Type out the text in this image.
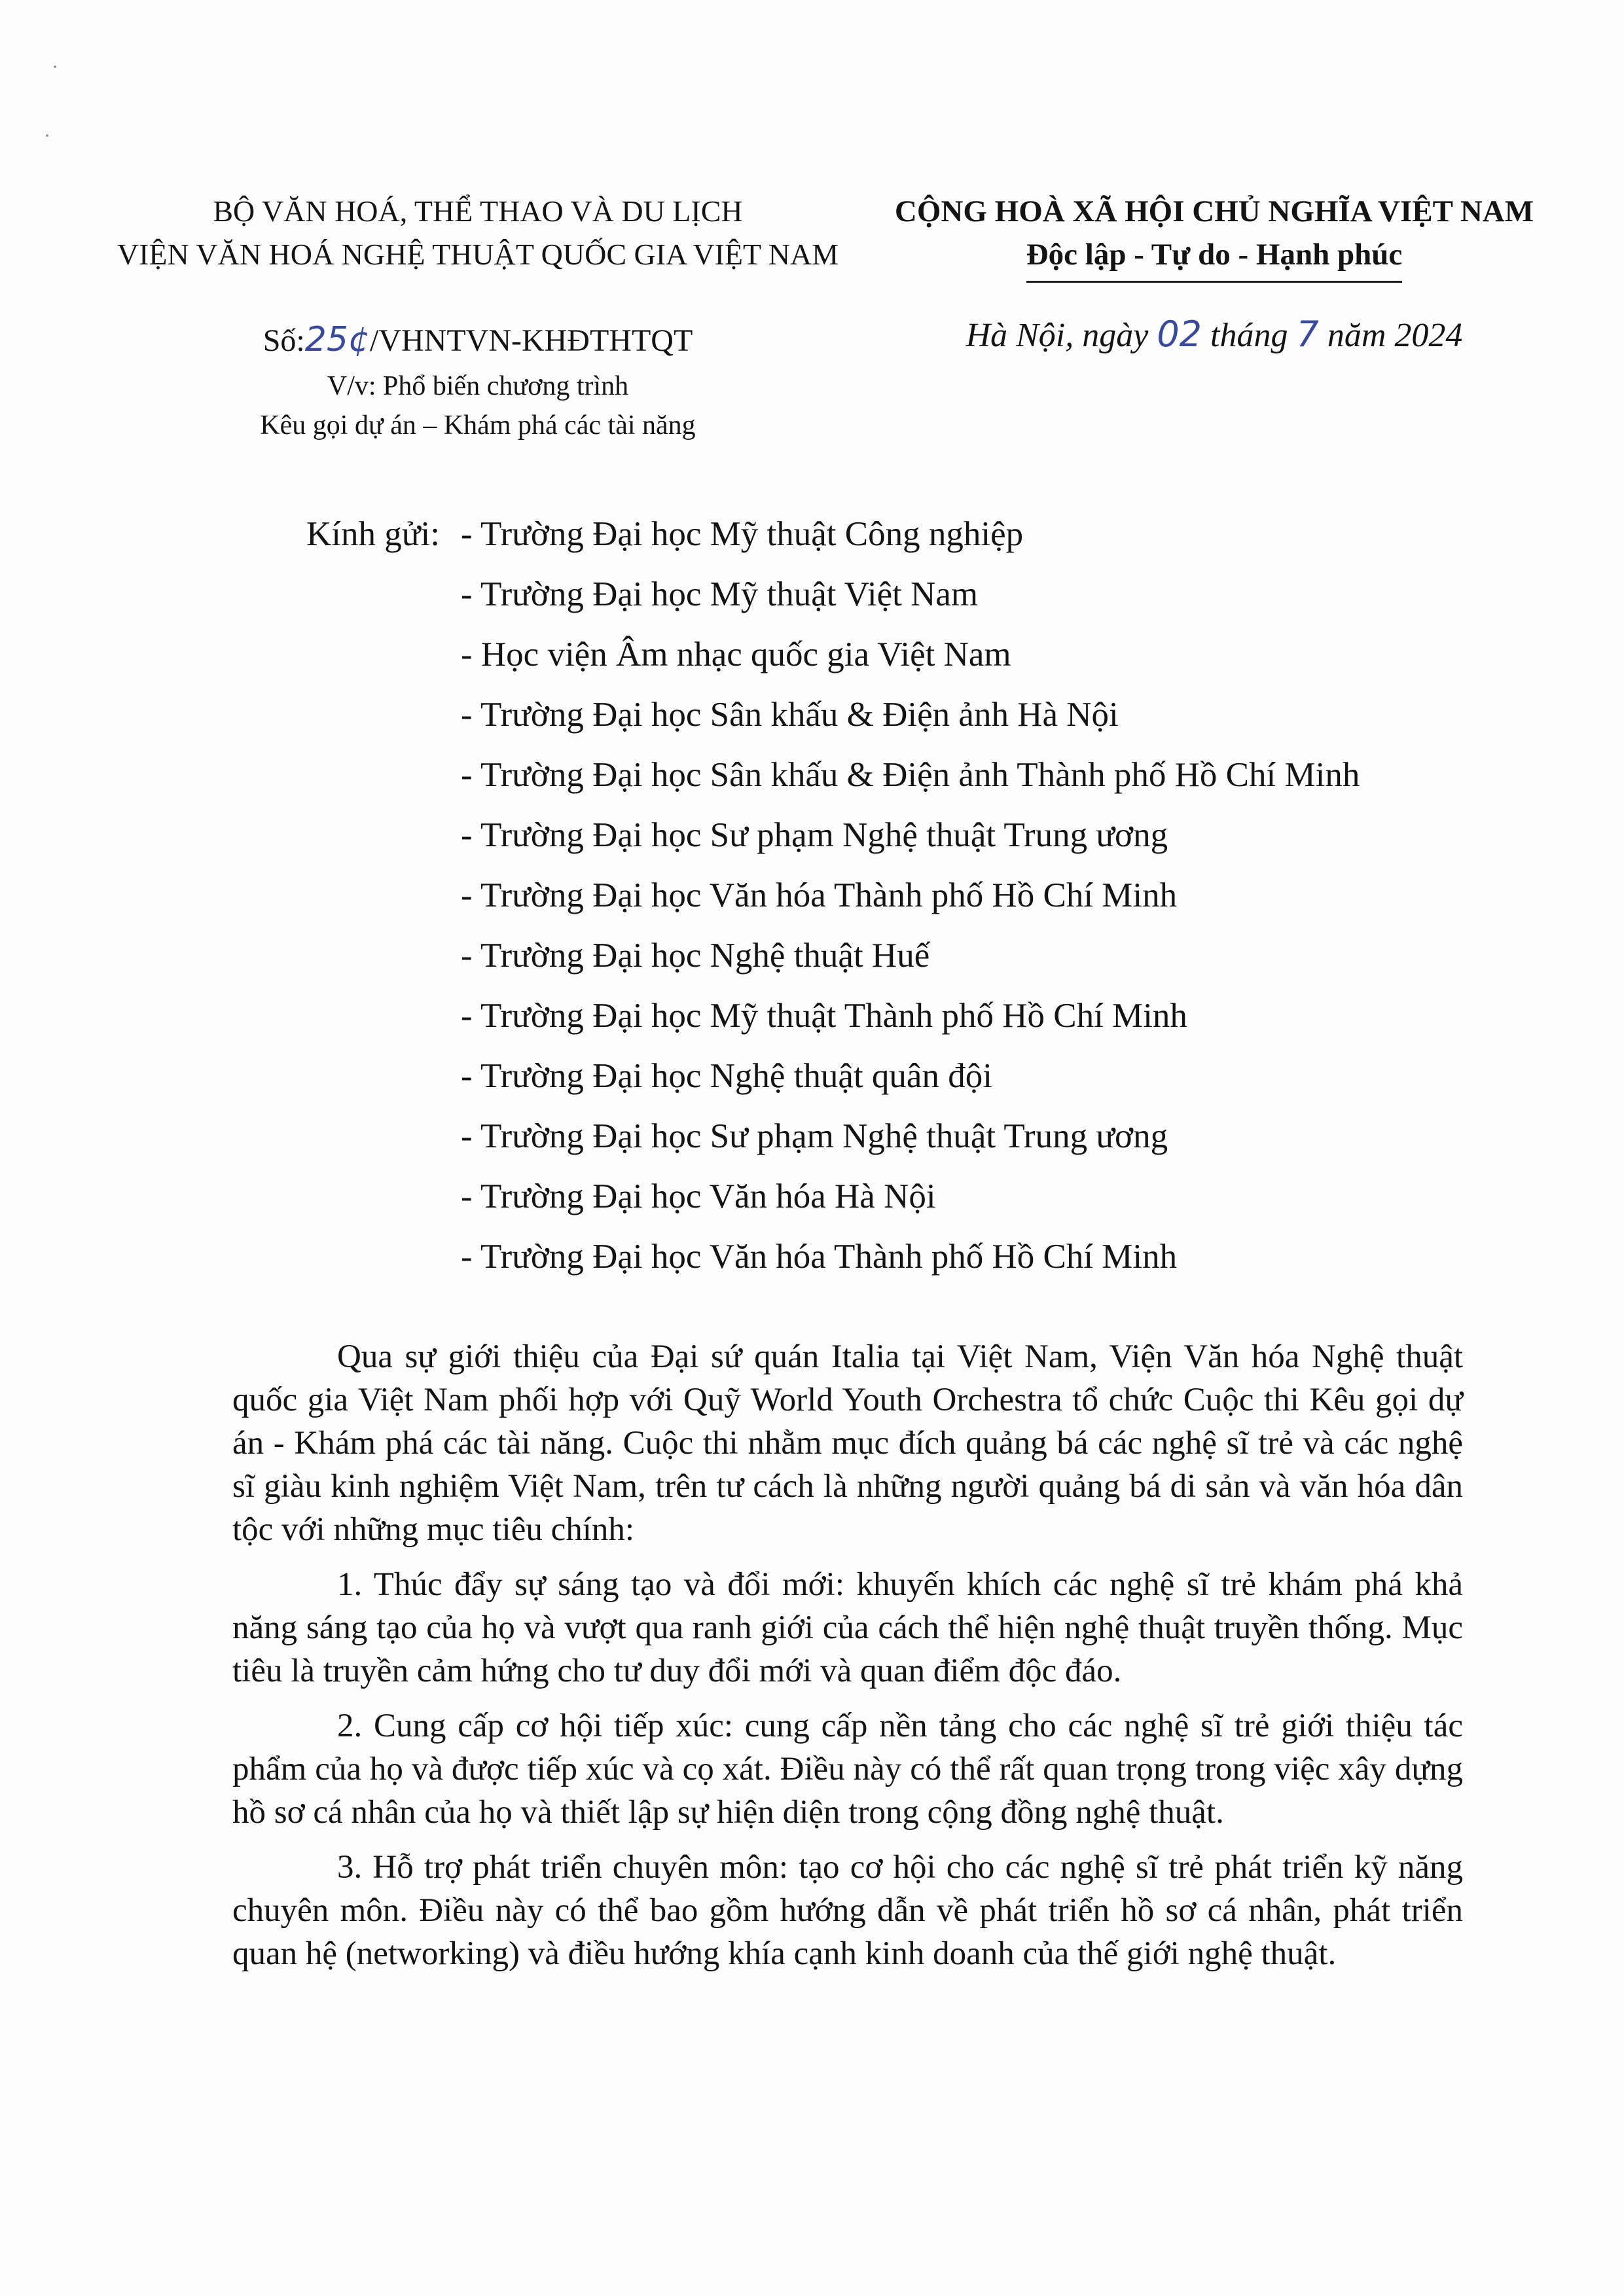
BỘ VĂN HOÁ, THỂ THAO VÀ DU LỊCH
VIỆN VĂN HOÁ NGHỆ THUẬT QUỐC GIA VIỆT NAM
CỘNG HOÀ XÃ HỘI CHỦ NGHĨA VIỆT NAM
Độc lập - Tự do - Hạnh phúc
Số:25¢/VHNTVN-KHĐTHTQT
V/v: Phổ biến chương trình
Kêu gọi dự án – Khám phá các tài năng
Hà Nội, ngày 02 tháng 7 năm 2024
Kính gửi: - Trường Đại học Mỹ thuật Công nghiệp
- Trường Đại học Mỹ thuật Việt Nam
- Học viện Âm nhạc quốc gia Việt Nam
- Trường Đại học Sân khấu & Điện ảnh Hà Nội
- Trường Đại học Sân khấu & Điện ảnh Thành phố Hồ Chí Minh
- Trường Đại học Sư phạm Nghệ thuật Trung ương
- Trường Đại học Văn hóa Thành phố Hồ Chí Minh
- Trường Đại học Nghệ thuật Huế
- Trường Đại học Mỹ thuật Thành phố Hồ Chí Minh
- Trường Đại học Nghệ thuật quân đội
- Trường Đại học Sư phạm Nghệ thuật Trung ương
- Trường Đại học Văn hóa Hà Nội
- Trường Đại học Văn hóa Thành phố Hồ Chí Minh

Qua sự giới thiệu của Đại sứ quán Italia tại Việt Nam, Viện Văn hóa Nghệ thuật quốc gia Việt Nam phối hợp với Quỹ World Youth Orchestra tổ chức Cuộc thi Kêu gọi dự án - Khám phá các tài năng. Cuộc thi nhằm mục đích quảng bá các nghệ sĩ trẻ và các nghệ sĩ giàu kinh nghiệm Việt Nam, trên tư cách là những người quảng bá di sản và văn hóa dân tộc với những mục tiêu chính:

1. Thúc đẩy sự sáng tạo và đổi mới: khuyến khích các nghệ sĩ trẻ khám phá khả năng sáng tạo của họ và vượt qua ranh giới của cách thể hiện nghệ thuật truyền thống. Mục tiêu là truyền cảm hứng cho tư duy đổi mới và quan điểm độc đáo.

2. Cung cấp cơ hội tiếp xúc: cung cấp nền tảng cho các nghệ sĩ trẻ giới thiệu tác phẩm của họ và được tiếp xúc và cọ xát. Điều này có thể rất quan trọng trong việc xây dựng hồ sơ cá nhân của họ và thiết lập sự hiện diện trong cộng đồng nghệ thuật.

3. Hỗ trợ phát triển chuyên môn: tạo cơ hội cho các nghệ sĩ trẻ phát triển kỹ năng chuyên môn. Điều này có thể bao gồm hướng dẫn về phát triển hồ sơ cá nhân, phát triển quan hệ (networking) và điều hướng khía cạnh kinh doanh của thế giới nghệ thuật.
